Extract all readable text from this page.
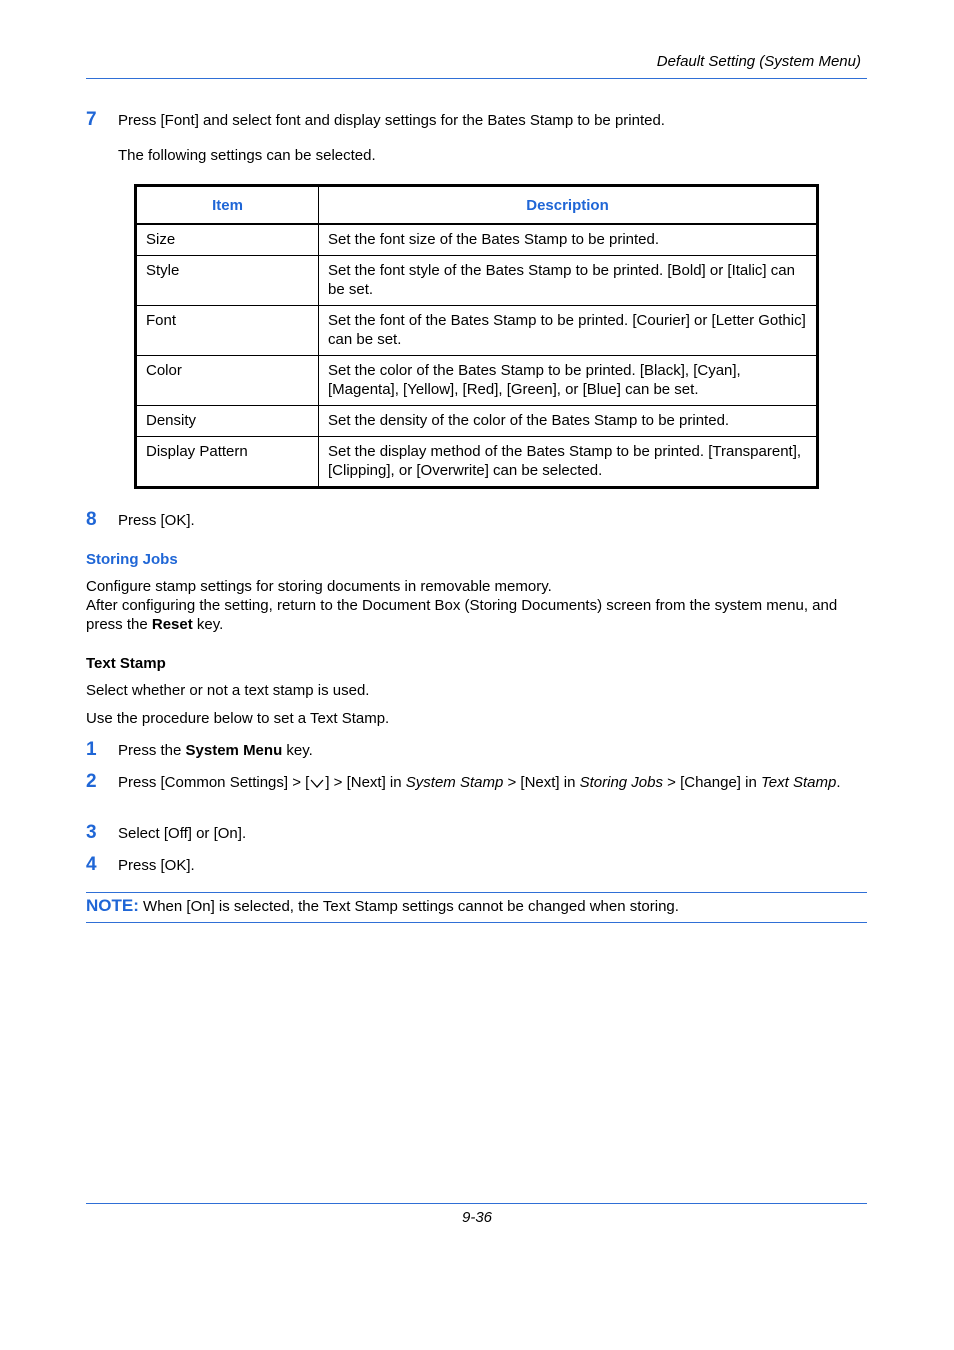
Default Setting (System Menu)
7 Press [Font] and select font and display settings for the Bates Stamp to be printed.
The following settings can be selected.
Item	Description
Size	Set the font size of the Bates Stamp to be printed.
Style	Set the font style of the Bates Stamp to be printed. [Bold] or [Italic] can be set.
Font	Set the font of the Bates Stamp to be printed. [Courier] or [Letter Gothic] can be set.
Color	Set the color of the Bates Stamp to be printed. [Black], [Cyan], [Magenta], [Yellow], [Red], [Green], or [Blue] can be set.
Density	Set the density of the color of the Bates Stamp to be printed.
Display Pattern	Set the display method of the Bates Stamp to be printed. [Transparent], [Clipping], or [Overwrite] can be selected.
8 Press [OK].
Storing Jobs
Configure stamp settings for storing documents in removable memory.
After configuring the setting, return to the Document Box (Storing Documents) screen from the system menu, and press the Reset key.
Text Stamp
Select whether or not a text stamp is used.
Use the procedure below to set a Text Stamp.
1 Press the System Menu key.
2 Press [Common Settings] > [ ] > [Next] in System Stamp > [Next] in Storing Jobs > [Change] in Text Stamp.
3 Select [Off] or [On].
4 Press [OK].
NOTE: When [On] is selected, the Text Stamp settings cannot be changed when storing.
9-36
